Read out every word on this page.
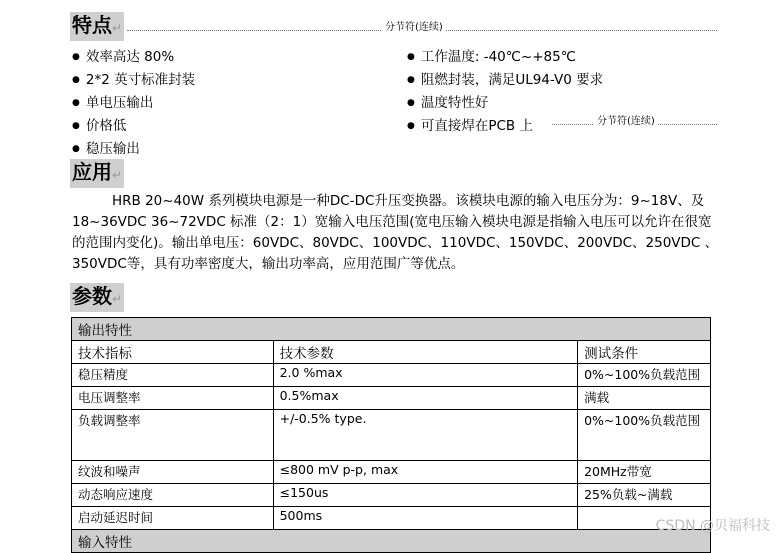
特点↵	分节符(连续)
● 效率高达 80%
● 2*2 英寸标准封装
● 单电压输出
● 价格低
● 稳压输出
● 工作温度: -40℃~+85℃
● 阻燃封装，满足UL94-V0 要求
● 温度特性好
● 可直接焊在PCB 上	分节符(连续)
应用↵
HRB 20~40W 系列模块电源是一种DC-DC升压变换器。该模块电源的输入电压分为：9~18V、及
18~36VDC 36~72VDC 标准（2：1）宽输入电压范围(宽电压输入模块电源是指输入电压可以允许在很宽
的范围内变化)。输出单电压：60VDC、80VDC、100VDC、110VDC、150VDC、200VDC、250VDC 、
350VDC等，具有功率密度大，输出功率高，应用范围广等优点。
参数↵
输出特性		
技术指标	技术参数	测试条件
稳压精度	2.0 %max	0%~100%负载范围
电压调整率	0.5%max	满载
负载调整率	+/-0.5% type.	0%~100%负载范围
纹波和噪声	≤800 mV p-p, max	20MHz带宽
动态响应速度	≤150us	25%负载~满载
启动延迟时间	500ms	
输入特性		
CSDN @贝福科技
